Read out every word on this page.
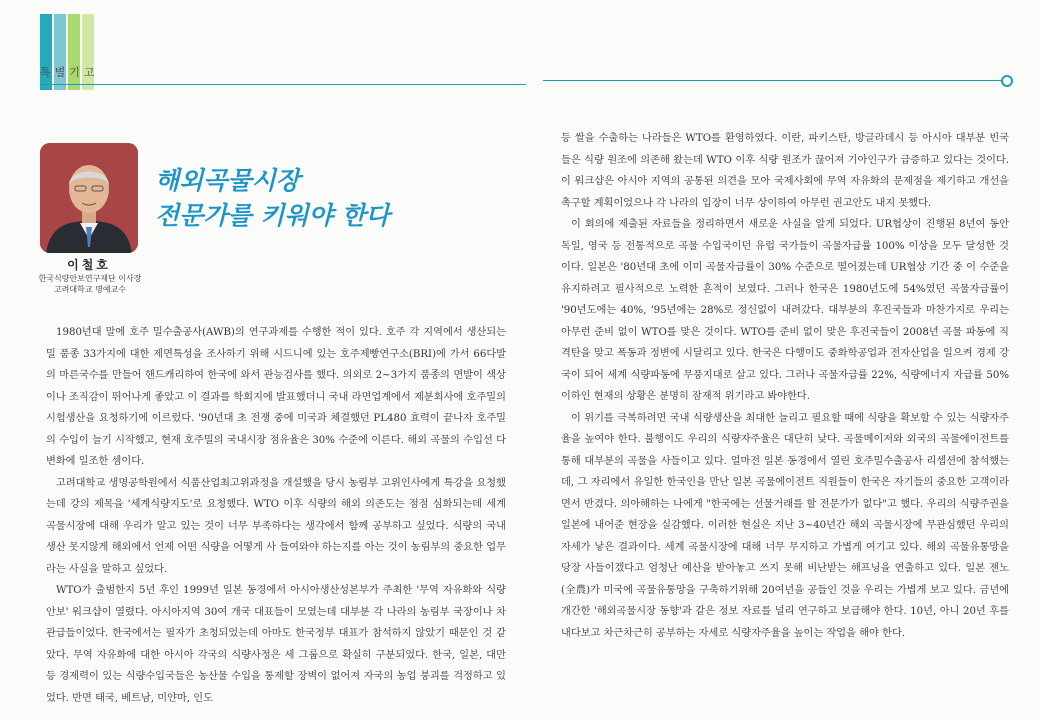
특별기고
해외곡물시장
전문가를 키워야 한다
이철호
한국식량안보연구재단 이사장
고려대학교 명예교수

1980년대 말에 호주 밀수출공사(AWB)의 연구과제를 수행한 적이 있다. 호주 각 지역에서 생산되는 밀 품종 33가지에 대한 제면특성을 조사하기 위해 시드니에 있는 호주제빵연구소(BRI)에 가서 66다발의 마른국수를 만들어 핸드캐리하여 한국에 와서 관능검사를 했다. 의외로 2~3가지 품종의 면발이 색상이나 조직감이 뛰어나게 좋았고 이 결과를 학회지에 발표했더니 국내 라면업계에서 제분회사에 호주밀의 시험생산을 요청하기에 이르렀다. '90년대 초 전쟁 중에 미국과 체결했던 PL480 효력이 끝나자 호주밀의 수입이 늘기 시작했고, 현재 호주밀의 국내시장 점유율은 30% 수준에 이른다. 해외 곡물의 수입선 다변화에 일조한 셈이다.

고려대학교 생명공학원에서 식품산업최고위과정을 개설했을 당시 농림부 고위인사에게 특강을 요청했는데 강의 제목을 '세계식량지도'로 요청했다. WTO 이후 식량의 해외 의존도는 점점 심화되는데 세계 곡물시장에 대해 우리가 알고 있는 것이 너무 부족하다는 생각에서 함께 공부하고 싶었다. 식량의 국내 생산 못지않게 해외에서 언제 어떤 식량을 어떻게 사 들여와야 하는지를 아는 것이 농림부의 중요한 업무라는 사실을 말하고 싶었다.

WTO가 출범한지 5년 후인 1999년 일본 동경에서 아시아생산성본부가 주최한 '무역 자유화와 식량 안보' 워크샵이 열렸다. 아시아지역 30여 개국 대표들이 모였는데 대부분 각 나라의 농림부 국장이나 차관급들이었다. 한국에서는 필자가 초청되었는데 아마도 한국정부 대표가 참석하지 않았기 때문인 것 같았다. 무역 자유화에 대한 아시아 각국의 식량사정은 세 그룹으로 확실히 구분되었다. 한국, 일본, 대만 등 경제력이 있는 식량수입국들은 농산물 수입을 통제할 장벽이 없어져 자국의 농업 붕괴를 걱정하고 있었다. 반면 태국, 베트남, 미얀마, 인도

등 쌀을 수출하는 나라들은 WTO를 환영하였다. 이란, 파키스탄, 방글라데시 등 아시아 대부분 빈국들은 식량 원조에 의존해 왔는데 WTO 이후 식량 원조가 끊어져 기아인구가 급증하고 있다는 것이다. 이 워크샵은 아시아 지역의 공통된 의견을 모아 국제사회에 무역 자유화의 문제점을 제기하고 개선을 촉구할 계획이었으나 각 나라의 입장이 너무 상이하여 아무런 권고안도 내지 못했다.

이 회의에 제출된 자료들을 정리하면서 새로운 사실을 알게 되었다. UR협상이 진행된 8년여 동안 독일, 영국 등 전통적으로 곡물 수입국이던 유럽 국가들이 곡물자급률 100% 이상을 모두 달성한 것이다. 일본은 '80년대 초에 이미 곡물자급률이 30% 수준으로 떨어졌는데 UR협상 기간 중 이 수준을 유지하려고 필사적으로 노력한 흔적이 보였다. 그러나 한국은 1980년도에 54%였던 곡물자급률이 '90년도에는 40%, '95년에는 28%로 정신없이 내려갔다. 대부분의 후진국들과 마찬가지로 우리는 아무런 준비 없이 WTO를 맞은 것이다. WTO를 준비 없이 맞은 후진국들이 2008년 곡물 파동에 직격탄을 맞고 폭동과 정변에 시달리고 있다. 한국은 다행이도 중화학공업과 전자산업을 일으켜 경제 강국이 되어 세계 식량파동에 무풍지대로 살고 있다. 그러나 곡물자급률 22%, 식량에너지 자급률 50% 이하인 현재의 상황은 분명히 잠재적 위기라고 봐야한다.

이 위기를 극복하려면 국내 식량생산을 최대한 늘리고 필요할 때에 식량을 확보할 수 있는 식량자주율을 높여야 한다. 불행이도 우리의 식량자주율은 대단히 낮다. 곡물메이저와 외국의 곡물에이전트를 통해 대부분의 곡물을 사들이고 있다. 얼마전 일본 동경에서 열린 호주밀수출공사 리셉션에 참석했는데, 그 자리에서 유일한 한국인을 만난 일본 곡물에이전트 직원들이 한국은 자기들의 중요한 고객이라면서 반겼다. 의아해하는 나에게 "한국에는 선물거래를 할 전문가가 없다"고 했다. 우리의 식량주권을 일본에 내어준 현장을 실감했다. 이러한 현실은 지난 3~40년간 해외 곡물시장에 무관심했던 우리의 자세가 낳은 결과이다. 세계 곡물시장에 대해 너무 무지하고 가볍게 여기고 있다. 해외 곡물유통망을 당장 사들이겠다고 엄청난 예산을 받아놓고 쓰지 못해 비난받는 해프닝을 연출하고 있다. 일본 젠노(全農)가 미국에 곡물유통망을 구축하기위해 20여년을 공들인 것을 우리는 가볍게 보고 있다. 금년에 개간한 '해외곡물시장 동향'과 같은 정보 자료를 널리 연구하고 보급해야 한다. 10년, 아니 20년 후를 내다보고 차근차근히 공부하는 자세로 식량자주율을 높이는 작업을 해야 한다.
